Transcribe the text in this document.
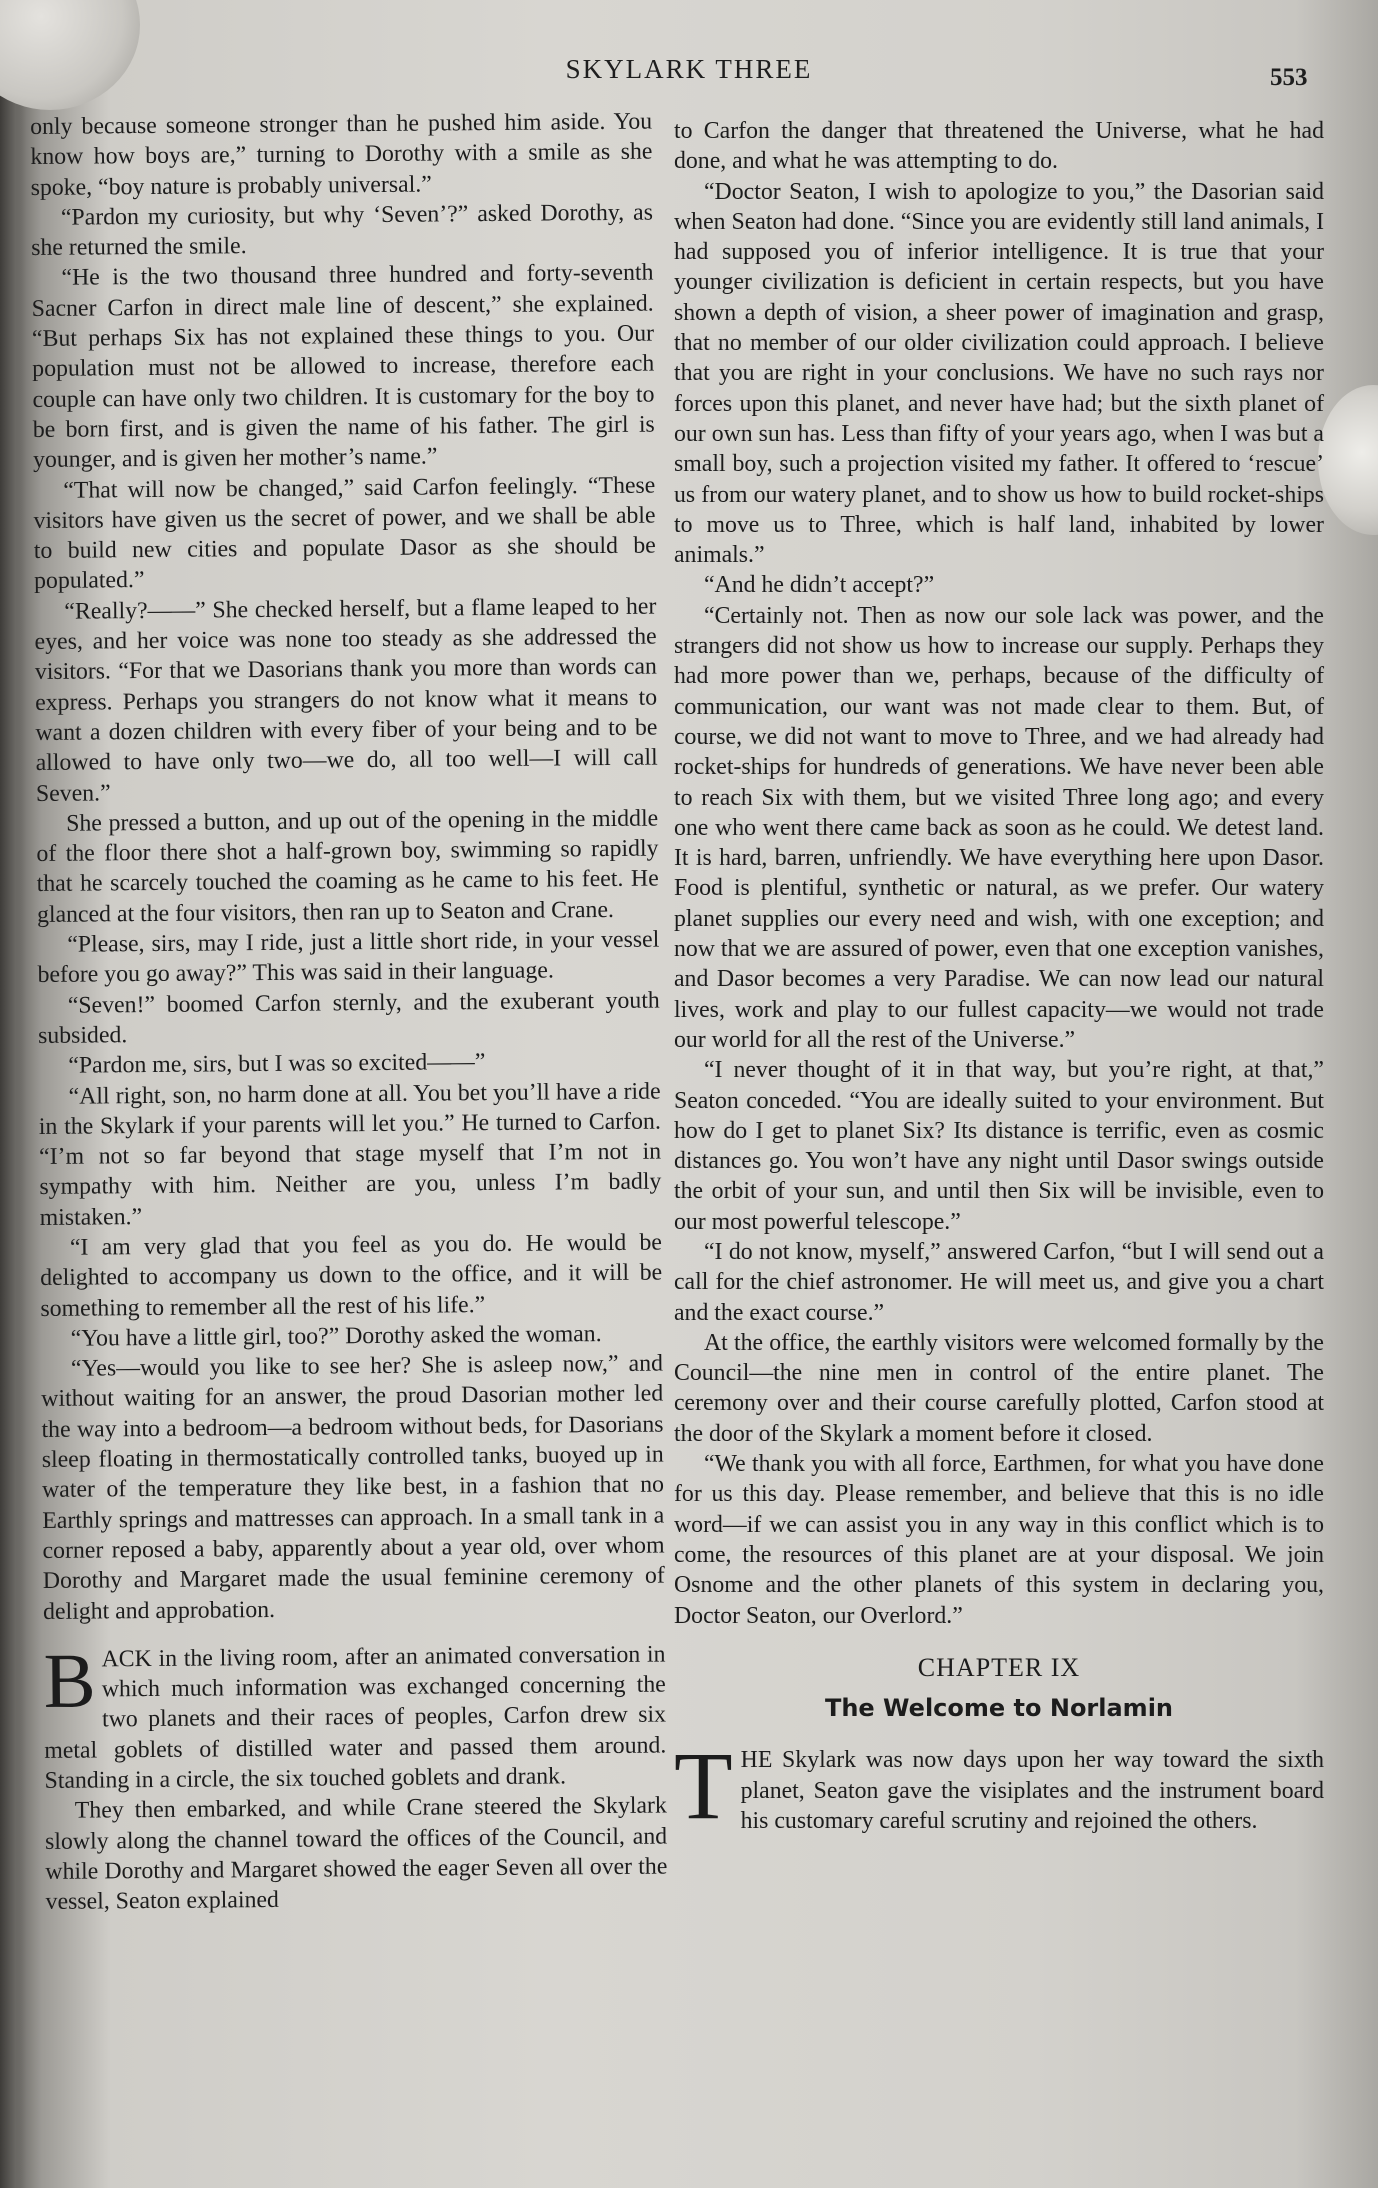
SKYLARK THREE	553

only because someone stronger than he pushed him aside. You know how boys are,” turning to Dorothy with a smile as she spoke, “boy nature is probably universal.”

“Pardon my curiosity, but why ‘Seven’?” asked Dorothy, as she returned the smile.

“He is the two thousand three hundred and forty-seventh Sacner Carfon in direct male line of descent,” she explained. “But perhaps Six has not explained these things to you. Our population must not be allowed to increase, therefore each couple can have only two children. It is customary for the boy to be born first, and is given the name of his father. The girl is younger, and is given her mother’s name.”

“That will now be changed,” said Carfon feelingly. “These visitors have given us the secret of power, and we shall be able to build new cities and populate Dasor as she should be populated.”

“Really?——” She checked herself, but a flame leaped to her eyes, and her voice was none too steady as she addressed the visitors. “For that we Dasorians thank you more than words can express. Perhaps you strangers do not know what it means to want a dozen children with every fiber of your being and to be allowed to have only two—we do, all too well—I will call Seven.”

She pressed a button, and up out of the opening in the middle of the floor there shot a half-grown boy, swimming so rapidly that he scarcely touched the coaming as he came to his feet. He glanced at the four visitors, then ran up to Seaton and Crane.

“Please, sirs, may I ride, just a little short ride, in your vessel before you go away?” This was said in their language.

“Seven!” boomed Carfon sternly, and the exuberant youth subsided.

“Pardon me, sirs, but I was so excited——”

“All right, son, no harm done at all. You bet you’ll have a ride in the Skylark if your parents will let you.” He turned to Carfon. “I’m not so far beyond that stage myself that I’m not in sympathy with him. Neither are you, unless I’m badly mistaken.”

“I am very glad that you feel as you do. He would be delighted to accompany us down to the office, and it will be something to remember all the rest of his life.”

“You have a little girl, too?” Dorothy asked the woman.

“Yes—would you like to see her? She is asleep now,” and without waiting for an answer, the proud Dasorian mother led the way into a bedroom—a bedroom without beds, for Dasorians sleep floating in thermostatically controlled tanks, buoyed up in water of the temperature they like best, in a fashion that no Earthly springs and mattresses can approach. In a small tank in a corner reposed a baby, apparently about a year old, over whom Dorothy and Margaret made the usual feminine ceremony of delight and approbation.

BACK in the living room, after an animated conversation in which much information was exchanged concerning the two planets and their races of peoples, Carfon drew six metal goblets of distilled water and passed them around. Standing in a circle, the six touched goblets and drank.

They then embarked, and while Crane steered the Skylark slowly along the channel toward the offices of the Council, and while Dorothy and Margaret showed the eager Seven all over the vessel, Seaton explained

to Carfon the danger that threatened the Universe, what he had done, and what he was attempting to do.

“Doctor Seaton, I wish to apologize to you,” the Dasorian said when Seaton had done. “Since you are evidently still land animals, I had supposed you of inferior intelligence. It is true that your younger civilization is deficient in certain respects, but you have shown a depth of vision, a sheer power of imagination and grasp, that no member of our older civilization could approach. I believe that you are right in your conclusions. We have no such rays nor forces upon this planet, and never have had; but the sixth planet of our own sun has. Less than fifty of your years ago, when I was but a small boy, such a projection visited my father. It offered to ‘rescue’ us from our watery planet, and to show us how to build rocket-ships to move us to Three, which is half land, inhabited by lower animals.”

“And he didn’t accept?”

“Certainly not. Then as now our sole lack was power, and the strangers did not show us how to increase our supply. Perhaps they had more power than we, perhaps, because of the difficulty of communication, our want was not made clear to them. But, of course, we did not want to move to Three, and we had already had rocket-ships for hundreds of generations. We have never been able to reach Six with them, but we visited Three long ago; and every one who went there came back as soon as he could. We detest land. It is hard, barren, unfriendly. We have everything here upon Dasor. Food is plentiful, synthetic or natural, as we prefer. Our watery planet supplies our every need and wish, with one exception; and now that we are assured of power, even that one exception vanishes, and Dasor becomes a very Paradise. We can now lead our natural lives, work and play to our fullest capacity—we would not trade our world for all the rest of the Universe.”

“I never thought of it in that way, but you’re right, at that,” Seaton conceded. “You are ideally suited to your environment. But how do I get to planet Six? Its distance is terrific, even as cosmic distances go. You won’t have any night until Dasor swings outside the orbit of your sun, and until then Six will be invisible, even to our most powerful telescope.”

“I do not know, myself,” answered Carfon, “but I will send out a call for the chief astronomer. He will meet us, and give you a chart and the exact course.”

At the office, the earthly visitors were welcomed formally by the Council—the nine men in control of the entire planet. The ceremony over and their course carefully plotted, Carfon stood at the door of the Skylark a moment before it closed.

“We thank you with all force, Earthmen, for what you have done for us this day. Please remember, and believe that this is no idle word—if we can assist you in any way in this conflict which is to come, the resources of this planet are at your disposal. We join Osnome and the other planets of this system in declaring you, Doctor Seaton, our Overlord.”

CHAPTER IX

The Welcome to Norlamin

THE Skylark was now days upon her way toward the sixth planet, Seaton gave the visiplates and the instrument board his customary careful scrutiny and rejoined the others.
